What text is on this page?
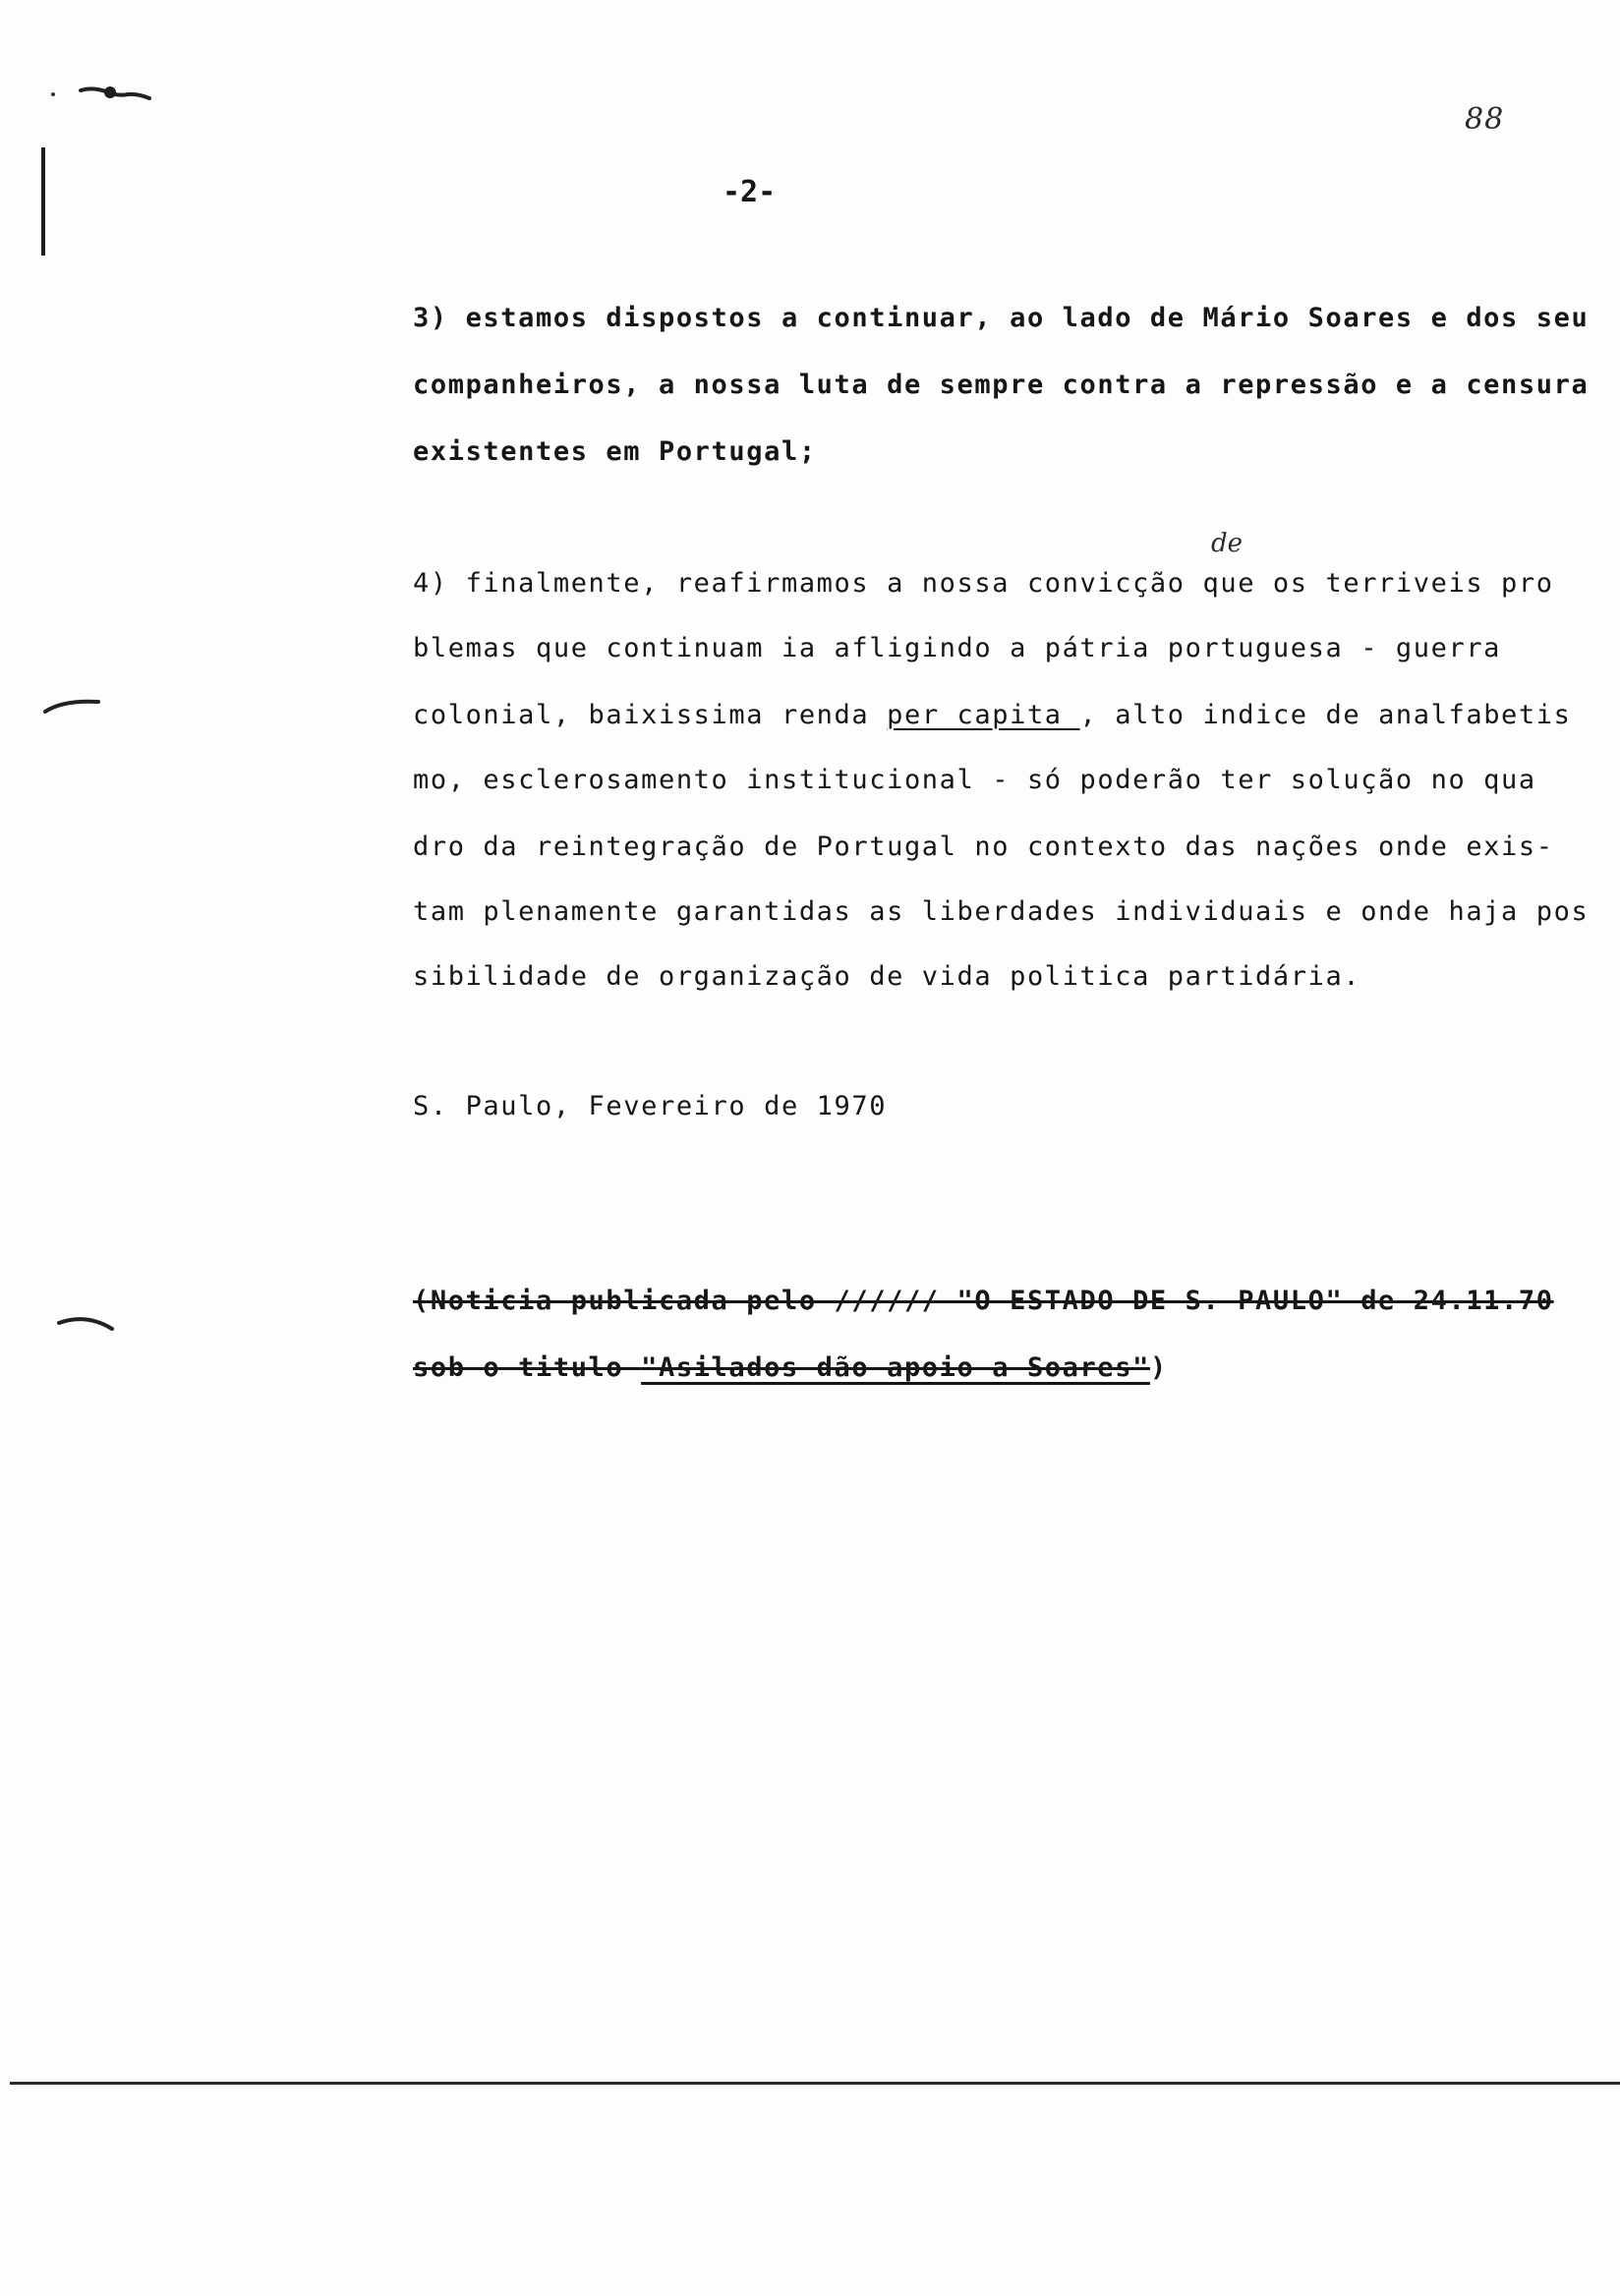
88
-2-
3) estamos dispostos a continuar, ao lado de Mário Soares e dos seu
companheiros, a nossa luta de sempre contra a repressão e a censura
existentes em Portugal;
de
4) finalmente, reafirmamos a nossa convicção que os terriveis pro
blemas que continuam ia afligindo a pátria portuguesa - guerra
colonial, baixissima renda per capita , alto indice de analfabetis
mo, esclerosamento institucional - só poderão ter solução no qua
dro da reintegração de Portugal no contexto das nações onde exis-
tam plenamente garantidas as liberdades individuais e onde haja pos
sibilidade de organização de vida politica partidária.
S. Paulo, Fevereiro de 1970
(Noticia publicada pelo ////// "O ESTADO DE S. PAULO" de 24.11.70
sob o titulo "Asilados dão apoio a Soares")
